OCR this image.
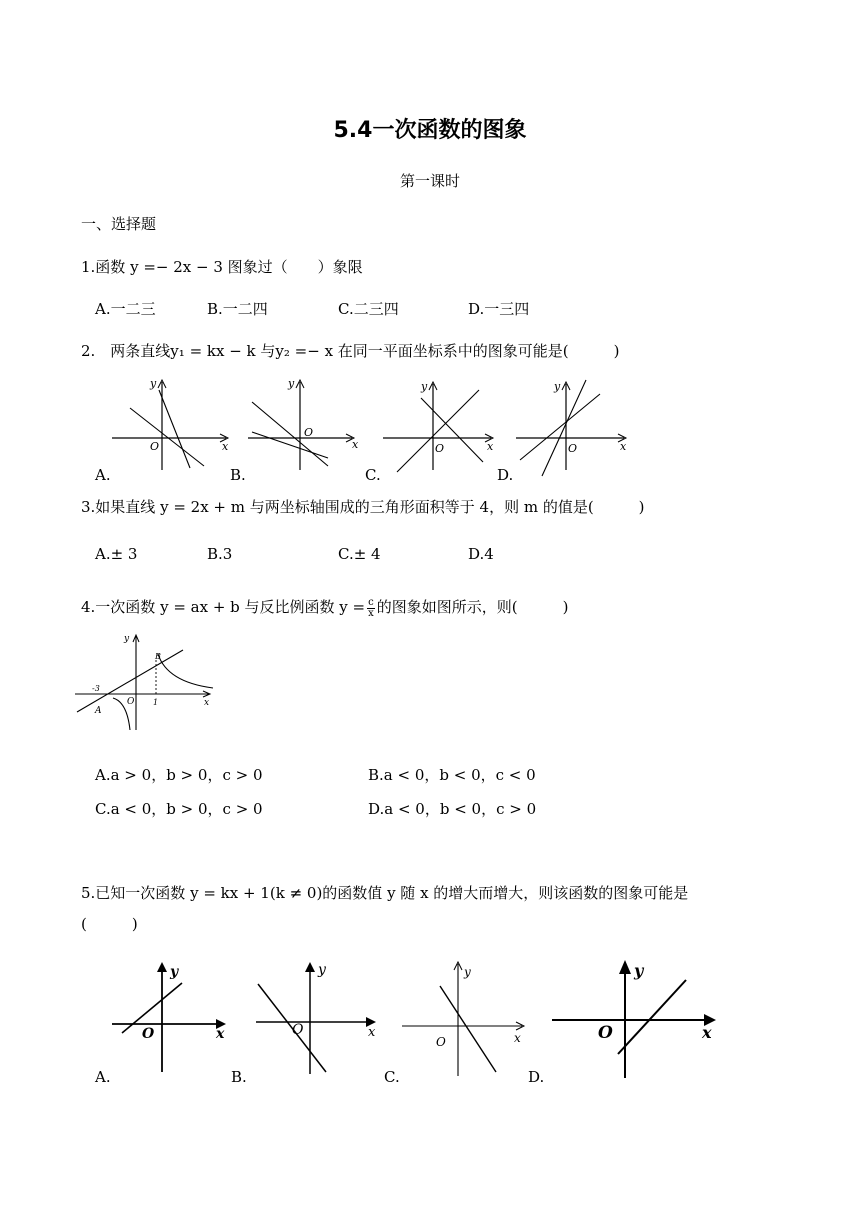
5.4一次函数的图象
第一课时
一、选择题
1.函数 y =− 2x − 3 图象过（　　）象限
A.一二三	B.一二四	C.二三四	D.一三四
2.　两条直线y₁ = kx − k 与y₂ =− x 在同一平面坐标系中的图象可能是(　　　)
y
x
O
A.
y
x
O
B.
y
x
O
C.
y
x
O
D.
3.如果直线 y = 2x + m 与两坐标轴围成的三角形面积等于 4，则 m 的值是(　　　)
A.± 3	B.3	C.± 4	D.4
4.一次函数 y = ax + b 与反比例函数 $y = \frac{c}{x}$ 的图象如图所示，则(　　　)
y
x
O
-3
A
B
1
A.a > 0，b > 0，c > 0	B.a < 0，b < 0，c < 0
C.a < 0，b > 0，c > 0	D.a < 0，b < 0，c > 0
5.已知一次函数 y = kx + 1(k ≠ 0)的函数值 y 随 x 的增大而增大，则该函数的图象可能是
(　　　)
y
x
O
A.
y
x
O
B.
y
x
O
C.
y
x
O
D.
